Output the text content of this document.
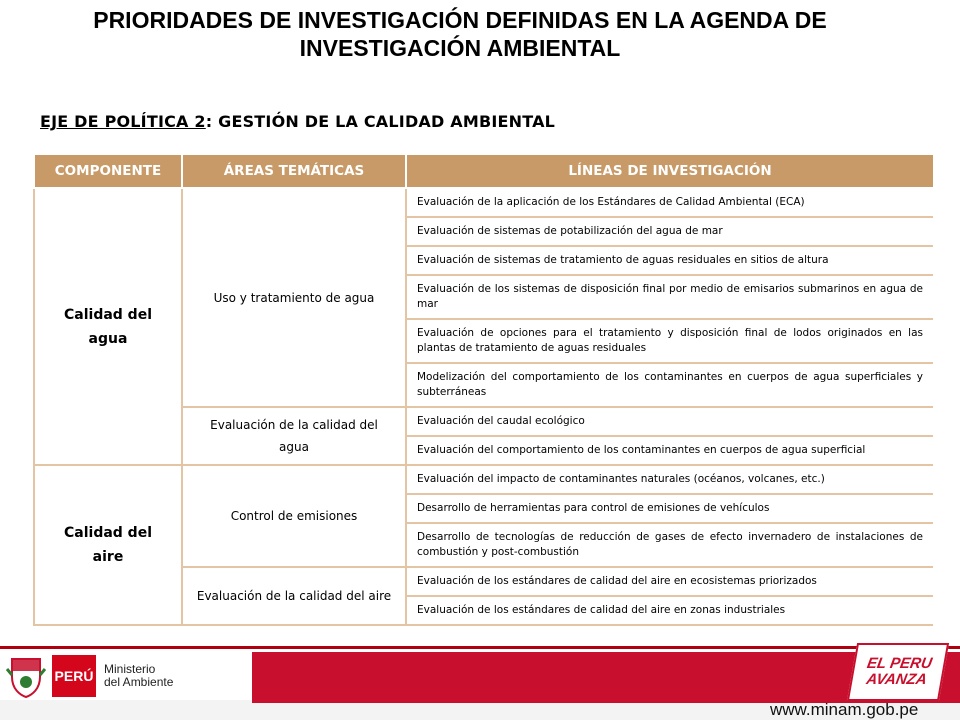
PRIORIDADES DE INVESTIGACIÓN DEFINIDAS EN LA AGENDA DE INVESTIGACIÓN AMBIENTAL
EJE DE POLÍTICA 2: GESTIÓN DE LA CALIDAD AMBIENTAL
COMPONENTE	ÁREAS TEMÁTICAS	LÍNEAS DE INVESTIGACIÓN
Calidad del agua	Uso y tratamiento de agua	Evaluación de la aplicación de los Estándares de Calidad Ambiental (ECA)
		Evaluación de sistemas de potabilización del agua de mar
		Evaluación de sistemas de tratamiento de aguas residuales en sitios de altura
		Evaluación de los sistemas de disposición final por medio de emisarios submarinos en agua de mar
		Evaluación de opciones para el tratamiento y disposición final de lodos originados en las plantas de tratamiento de aguas residuales
		Modelización del comportamiento de los contaminantes en cuerpos de agua superficiales y subterráneas
	Evaluación de la calidad del agua	Evaluación del caudal ecológico
		Evaluación del comportamiento de los contaminantes en cuerpos de agua superficial
Calidad del aire	Control de emisiones	Evaluación del impacto de contaminantes naturales (océanos, volcanes, etc.)
		Desarrollo de herramientas para control de emisiones de vehículos
		Desarrollo de tecnologías de reducción de gases de efecto invernadero de instalaciones de combustión y post-combustión
	Evaluación de la calidad del aire	Evaluación de los estándares de calidad del aire en ecosistemas priorizados
		Evaluación de los estándares de calidad del aire en zonas industriales
PERÚ Ministerio
del Ambiente
EL PERU
AVANZA
www.minam.gob.pe
